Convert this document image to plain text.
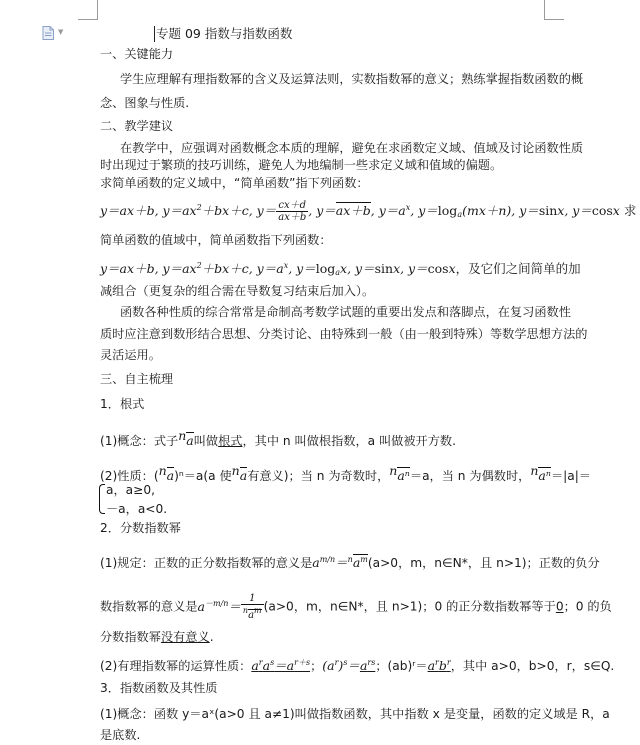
▼	专题 09 指数与指数函数
一、关键能力
学生应理解有理指数幂的含义及运算法则，实数指数幂的意义；熟练掌握指数函数的概
念、图象与性质.
二、教学建议
在教学中，应强调对函数概念本质的理解，避免在求函数定义域、值域及讨论函数性质
时出现过于繁琐的技巧训练，避免人为地编制一些求定义域和值域的偏题。
求简单函数的定义域中，“简单函数”指下列函数：
y＝ax＋b, $y=ax^2+bx+c$, $y= \frac{cx+d}{ax+b}$ , y＝ax＋b, $y=a^x$, $y=\log_a(mx+n)$, y＝sinx, y＝cosx 求
简单函数的值域中，简单函数指下列函数：
y＝ax＋b, $y=ax^2+bx+c$, $y=a^x$, $y=\log_ax$, y＝sinx, y＝cosx，及它们之间简单的加
减组合（更复杂的组合需在导数复习结束后加入）。
函数各种性质的综合常常是命制高考数学试题的重要出发点和落脚点，在复习函数性
质时应注意到数形结合思想、分类讨论、由特殊到一般（由一般到特殊）等数学思想方法的
灵活运用。
三、自主梳理
1．根式
(1)概念：式子$^n$a叫做根式，其中 n 叫做根指数，a 叫做被开方数.
(2)性质：($^n$a)ⁿ＝a(a 使$^n$a有意义)；当 n 为奇数时，$^n$aⁿ＝a，当 n 为偶数时，$^n$aⁿ＝|a|＝
a，a≥0,
－a，a<0.
2．分数指数幂
(1)规定：正数的正分数指数幂的意义是$a^{m/n}=^na^m(a>0$，m，n∈N*，且 n>1)；正数的负分
数指数幂的意义是$a^{-m/n}= \frac{1}{^na^m} (a>0$，m，n∈N*，且 n>1)；0 的正分数指数幂等于0；0 的负
分数指数幂没有意义.
(2)有理指数幂的运算性质：$a^ra^s=a^{r+s}$；$(a^r)^s=a^{rs}$；$(ab)ʳ=a^rb^r$，其中 a>0，b>0，r，s∈Q.
3．指数函数及其性质
(1)概念：函数 y＝aˣ(a>0 且 a≠1)叫做指数函数，其中指数 x 是变量，函数的定义域是 R，a
是底数.
